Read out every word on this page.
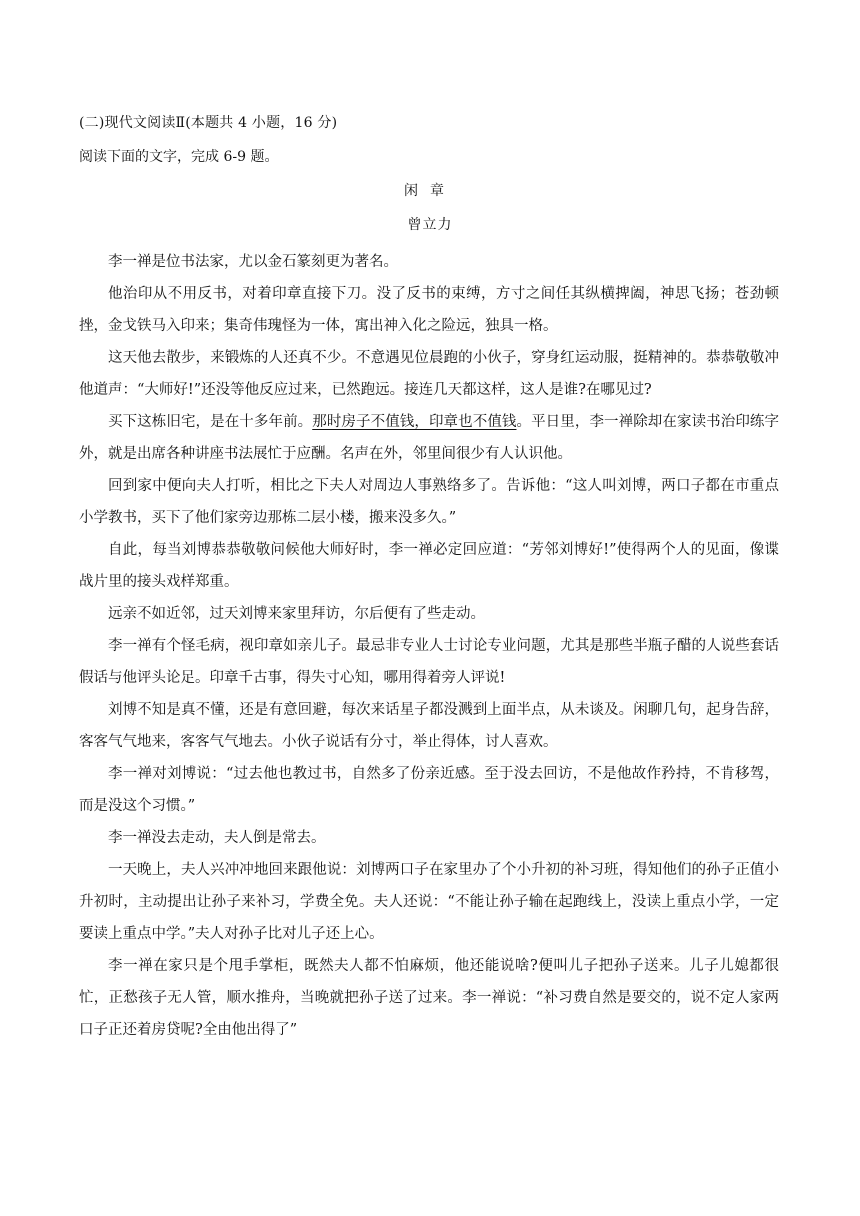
(二)现代文阅读Ⅱ(本题共 4 小题，16 分)
阅读下面的文字，完成 6-9 题。
闲章
曾立力

李一禅是位书法家，尤以金石篆刻更为著名。

他治印从不用反书，对着印章直接下刀。没了反书的束缚，方寸之间任其纵横捭阖，神思飞扬；苍劲顿挫，金戈铁马入印来；集奇伟瑰怪为一体，寓出神入化之险远，独具一格。

这天他去散步，来锻炼的人还真不少。不意遇见位晨跑的小伙子，穿身红运动服，挺精神的。恭恭敬敬冲他道声：“大师好!”还没等他反应过来，已然跑远。接连几天都这样，这人是谁?在哪见过?

买下这栋旧宅，是在十多年前。那时房子不值钱，印章也不值钱。平日里，李一禅除却在家读书治印练字外，就是出席各种讲座书法展忙于应酬。名声在外，邻里间很少有人认识他。

回到家中便向夫人打听，相比之下夫人对周边人事熟络多了。告诉他：“这人叫刘博，两口子都在市重点小学教书，买下了他们家旁边那栋二层小楼，搬来没多久。”

自此，每当刘博恭恭敬敬问候他大师好时，李一禅必定回应道：“芳邻刘博好!”使得两个人的见面，像谍战片里的接头戏样郑重。

远亲不如近邻，过天刘博来家里拜访，尔后便有了些走动。

李一禅有个怪毛病，视印章如亲儿子。最忌非专业人士讨论专业问题，尤其是那些半瓶子醋的人说些套话假话与他评头论足。印章千古事，得失寸心知，哪用得着旁人评说!

刘博不知是真不懂，还是有意回避，每次来话星子都没溅到上面半点，从未谈及。闲聊几句，起身告辞，客客气气地来，客客气气地去。小伙子说话有分寸，举止得体，讨人喜欢。

李一禅对刘博说：“过去他也教过书，自然多了份亲近感。至于没去回访，不是他故作矜持，不肯移驾，而是没这个习惯。”

李一禅没去走动，夫人倒是常去。

一天晚上，夫人兴冲冲地回来跟他说：刘博两口子在家里办了个小升初的补习班，得知他们的孙子正值小升初时，主动提出让孙子来补习，学费全免。夫人还说：“不能让孙子输在起跑线上，没读上重点小学，一定要读上重点中学。”夫人对孙子比对儿子还上心。

李一禅在家只是个甩手掌柜，既然夫人都不怕麻烦，他还能说啥?便叫儿子把孙子送来。儿子儿媳都很忙，正愁孩子无人管，顺水推舟，当晚就把孙子送了过来。李一禅说：“补习费自然是要交的，说不定人家两口子正还着房贷呢?全由他出得了”
